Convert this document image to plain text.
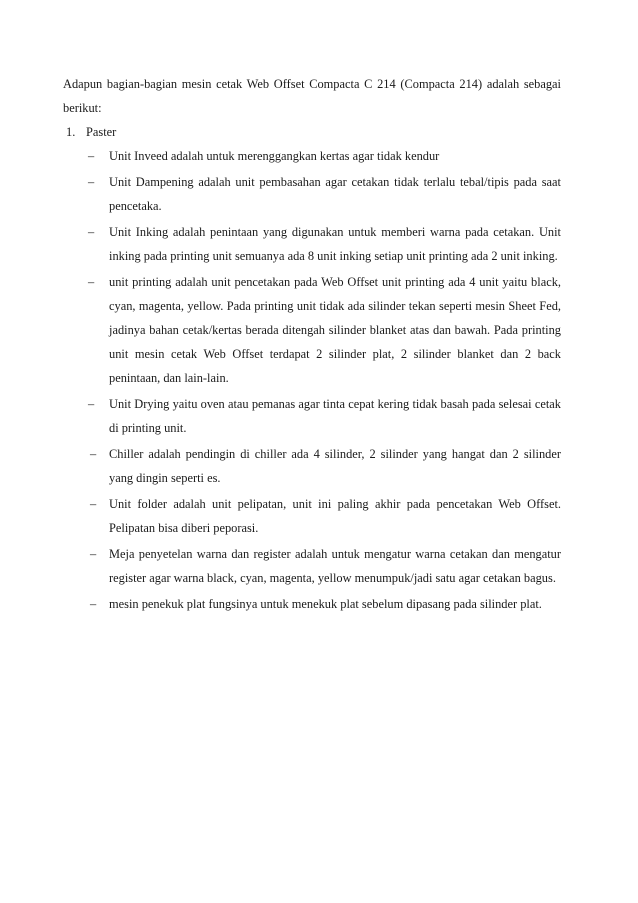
Adapun bagian-bagian mesin cetak Web Offset Compacta C 214 (Compacta 214) adalah sebagai berikut:

1. Paster
–	Unit Inveed adalah untuk merenggangkan kertas agar tidak kendur
–	Unit Dampening adalah unit pembasahan agar cetakan tidak terlalu tebal/tipis pada saat pencetaka.
–	Unit Inking adalah penintaan yang digunakan untuk memberi warna pada cetakan. Unit inking pada printing unit semuanya ada 8 unit inking setiap unit printing ada 2 unit inking.
–	unit printing adalah unit pencetakan pada Web Offset unit printing ada 4 unit yaitu black, cyan, magenta, yellow. Pada printing unit tidak ada silinder tekan seperti mesin Sheet Fed, jadinya bahan cetak/kertas berada ditengah silinder blanket atas dan bawah. Pada printing unit mesin cetak Web Offset terdapat 2 silinder plat, 2 silinder blanket dan 2 back penintaan, dan lain-lain.
–	Unit Drying yaitu oven atau pemanas agar tinta cepat kering tidak basah pada selesai cetak di printing unit.
–	Chiller adalah pendingin di chiller ada 4 silinder, 2 silinder yang hangat dan 2 silinder yang dingin seperti es.
–	Unit folder adalah unit pelipatan, unit ini paling akhir pada pencetakan Web Offset. Pelipatan bisa diberi peporasi.
–	Meja penyetelan warna dan register adalah untuk mengatur warna cetakan dan mengatur register agar warna black, cyan, magenta, yellow menumpuk/jadi satu agar cetakan bagus.
–	mesin penekuk plat fungsinya untuk menekuk plat sebelum dipasang pada silinder plat.
